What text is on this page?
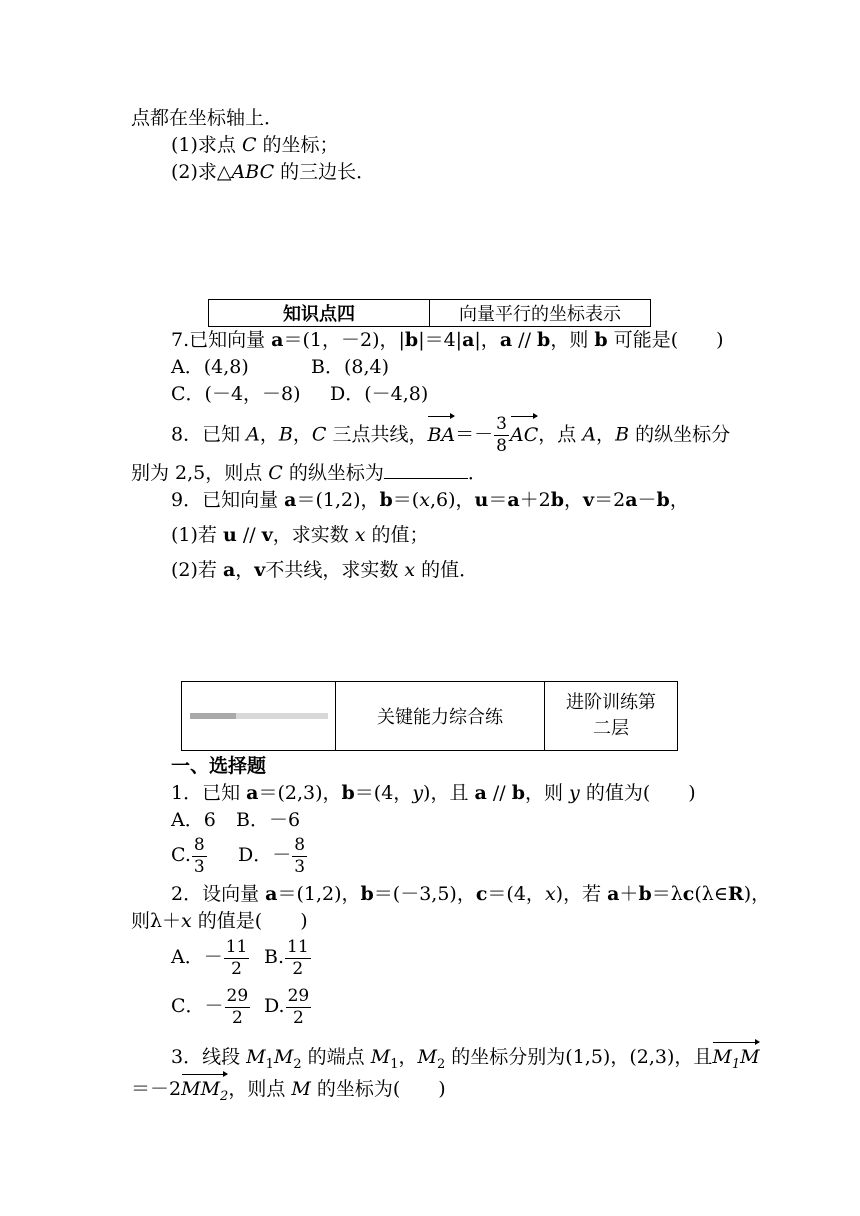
点都在坐标轴上．
(1)求点 C 的坐标；
(2)求△ABC 的三边长．
知识点四	向量平行的坐标表示
7.已知向量 a＝(1，－2)，|b|＝4|a|，a // b，则 b 可能是(　　)
A．(4,8)	B．(8,4)
C．(－4，－8) D．(－4,8)
8．已知 A，B，C 三点共线，$BA=- \frac{3}{8}$ AC，点 A，B 的纵坐标分
别为 2,5，则点 C 的纵坐标为	．
9．已知向量 a＝(1,2)，b＝(x,6)，u＝a＋2b，v＝2a－b，
(1)若 u // v，求实数 x 的值；
(2)若 a，v不共线，求实数 x 的值．
	关键能力综合练	进阶训练第
二层
一、选择题
1．已知 a＝(2,3)，b＝(4，y)，且 a // b，则 y 的值为(　　)
A．6 B．－6
C. $\frac{8}{3}$ D．－ $\frac{8}{3}$
2．设向量 a＝(1,2)，b＝(－3,5)，c＝(4，x)，若 a＋b＝λc(λ∈R)，
则λ＋x 的值是(　　)
A．－ $\frac{11}{2} B$. $\frac{11}{2}$
C．－ $\frac{29}{2} D$. $\frac{29}{2}$
3．线段 $M_1M_2$ 的端点 $M_1$，$M_2$ 的坐标分别为(1,5)，(2,3)，且$M_1M$
$=-2MM_2$，则点 M 的坐标为(　　)
